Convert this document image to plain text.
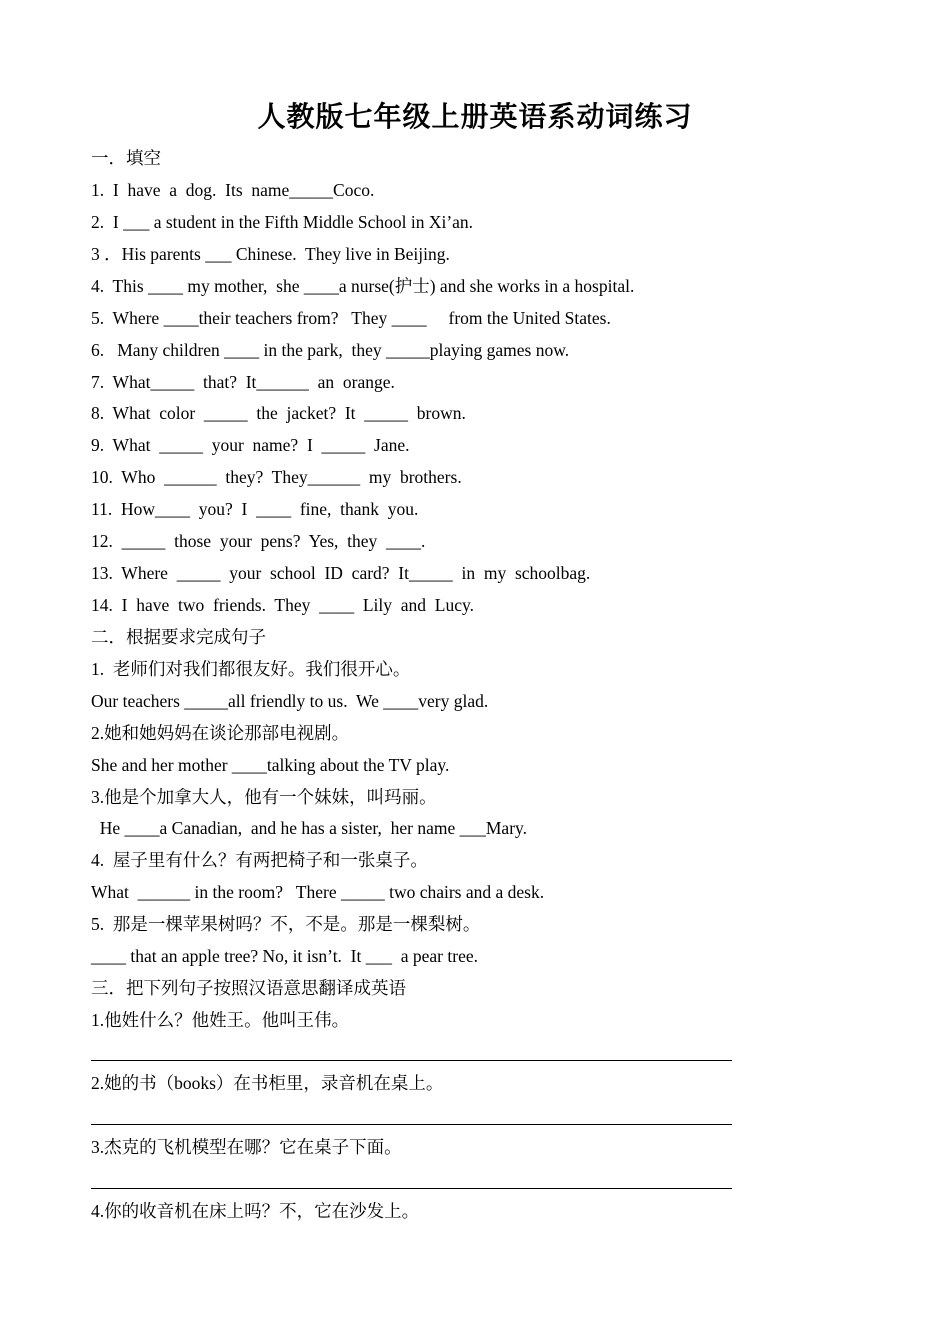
人教版七年级上册英语系动词练习
一．填空
1.  I  have  a  dog.  Its  name_____Coco.
2.  I ___ a student in the Fifth Middle School in Xi’an.
3 ．His parents ___ Chinese.  They live in Beijing.
4.  This ____ my mother,  she ____a nurse(护士) and she works in a hospital.
5.  Where ____their teachers from?   They ____     from the United States.
6.   Many children ____ in the park,  they _____playing games now.
7.  What_____  that?  It______  an  orange.
8.  What  color  _____  the  jacket?  It  _____  brown.
9.  What  _____  your  name?  I  _____  Jane.
10.  Who  ______  they?  They______  my  brothers.
11.  How____  you?  I  ____  fine,  thank  you.
12.  _____  those  your  pens?  Yes,  they  ____.
13.  Where  _____  your  school  ID  card?  It_____  in  my  schoolbag.
14.  I  have  two  friends.  They  ____  Lily  and  Lucy.
二．根据要求完成句子
1.  老师们对我们都很友好。我们很开心。
Our teachers _____all friendly to us.  We ____very glad.
2.她和她妈妈在谈论那部电视剧。
She and her mother ____talking about the TV play.
3.他是个加拿大人，他有一个妹妹，叫玛丽。
He ____a Canadian,  and he has a sister,  her name ___Mary.
4.  屋子里有什么？有两把椅子和一张桌子。
What  ______ in the room?   There _____ two chairs and a desk.
5.  那是一棵苹果树吗？不，不是。那是一棵梨树。
____ that an apple tree? No, it isn’t.  It ___  a pear tree.
三．把下列句子按照汉语意思翻译成英语
1.他姓什么？他姓王。他叫王伟。
2.她的书（books）在书柜里，录音机在桌上。
3.杰克的飞机模型在哪？它在桌子下面。
4.你的收音机在床上吗？不，它在沙发上。
